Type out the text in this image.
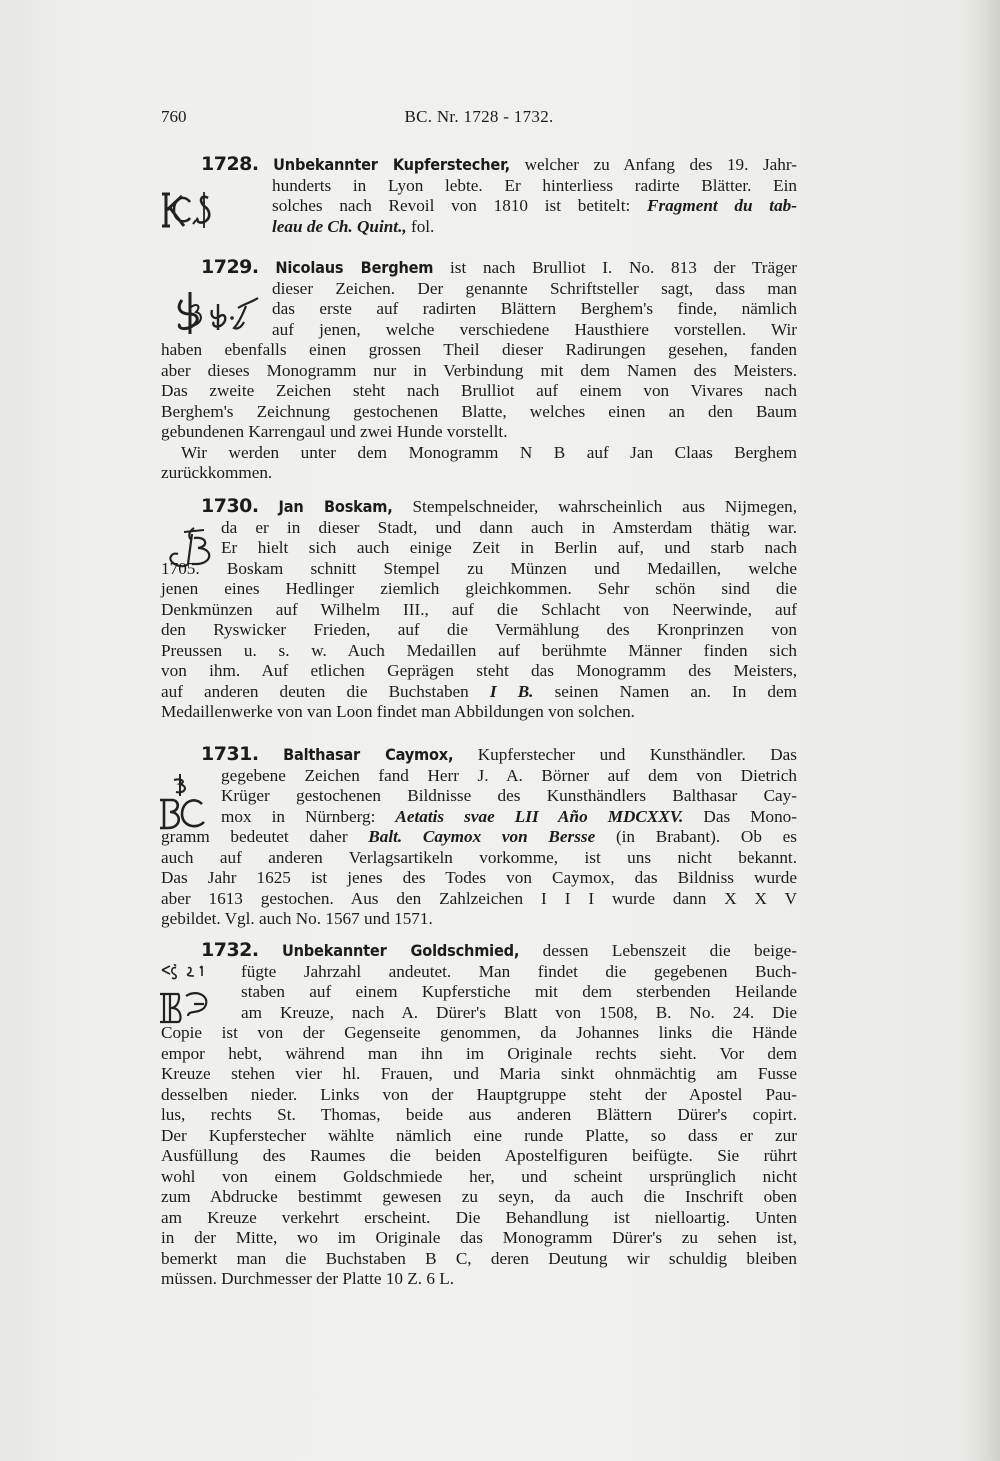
760	BC. Nr. 1728 - 1732.
1728. Unbekannter Kupferstecher, welcher zu Anfang des 19. Jahr-
hunderts in Lyon lebte. Er hinterliess radirte Blätter. Ein
solches nach Revoil von 1810 ist betitelt: Fragment du tab-
leau de Ch. Quint., fol.
1729. Nicolaus Berghem ist nach Brulliot I. No. 813 der Träger
dieser Zeichen. Der genannte Schriftsteller sagt, dass man
das erste auf radirten Blättern Berghem's finde, nämlich
auf jenen, welche verschiedene Hausthiere vorstellen. Wir
haben ebenfalls einen grossen Theil dieser Radirungen gesehen, fanden
aber dieses Monogramm nur in Verbindung mit dem Namen des Meisters.
Das zweite Zeichen steht nach Brulliot auf einem von Vivares nach
Berghem's Zeichnung gestochenen Blatte, welches einen an den Baum
gebundenen Karrengaul und zwei Hunde vorstellt.
Wir werden unter dem Monogramm N B auf Jan Claas Berghem
zurückkommen.
1730. Jan Boskam, Stempelschneider, wahrscheinlich aus Nijmegen,
da er in dieser Stadt, und dann auch in Amsterdam thätig war.
Er hielt sich auch einige Zeit in Berlin auf, und starb nach
1705. Boskam schnitt Stempel zu Münzen und Medaillen, welche
jenen eines Hedlinger ziemlich gleichkommen. Sehr schön sind die
Denkmünzen auf Wilhelm III., auf die Schlacht von Neerwinde, auf
den Ryswicker Frieden, auf die Vermählung des Kronprinzen von
Preussen u. s. w. Auch Medaillen auf berühmte Männer finden sich
von ihm. Auf etlichen Geprägen steht das Monogramm des Meisters,
auf anderen deuten die Buchstaben I B. seinen Namen an. In dem
Medaillenwerke von van Loon findet man Abbildungen von solchen.
1731. Balthasar Caymox, Kupferstecher und Kunsthändler. Das
gegebene Zeichen fand Herr J. A. Börner auf dem von Dietrich
Krüger gestochenen Bildnisse des Kunsthändlers Balthasar Cay-
mox in Nürnberg: Aetatis svae LII Año MDCXXV. Das Mono-
gramm bedeutet daher Balt. Caymox von Bersse (in Brabant). Ob es
auch auf anderen Verlagsartikeln vorkomme, ist uns nicht bekannt.
Das Jahr 1625 ist jenes des Todes von Caymox, das Bildniss wurde
aber 1613 gestochen. Aus den Zahlzeichen I I I wurde dann X X V
gebildet. Vgl. auch No. 1567 und 1571.
1732. Unbekannter Goldschmied, dessen Lebenszeit die beige-
fügte Jahrzahl andeutet. Man findet die gegebenen Buch-
staben auf einem Kupferstiche mit dem sterbenden Heilande
am Kreuze, nach A. Dürer's Blatt von 1508, B. No. 24. Die
Copie ist von der Gegenseite genommen, da Johannes links die Hände
empor hebt, während man ihn im Originale rechts sieht. Vor dem
Kreuze stehen vier hl. Frauen, und Maria sinkt ohnmächtig am Fusse
desselben nieder. Links von der Hauptgruppe steht der Apostel Pau-
lus, rechts St. Thomas, beide aus anderen Blättern Dürer's copirt.
Der Kupferstecher wählte nämlich eine runde Platte, so dass er zur
Ausfüllung des Raumes die beiden Apostelfiguren beifügte. Sie rührt
wohl von einem Goldschmiede her, und scheint ursprünglich nicht
zum Abdrucke bestimmt gewesen zu seyn, da auch die Inschrift oben
am Kreuze verkehrt erscheint. Die Behandlung ist nielloartig. Unten
in der Mitte, wo im Originale das Monogramm Dürer's zu sehen ist,
bemerkt man die Buchstaben B C, deren Deutung wir schuldig bleiben
müssen. Durchmesser der Platte 10 Z. 6 L.
